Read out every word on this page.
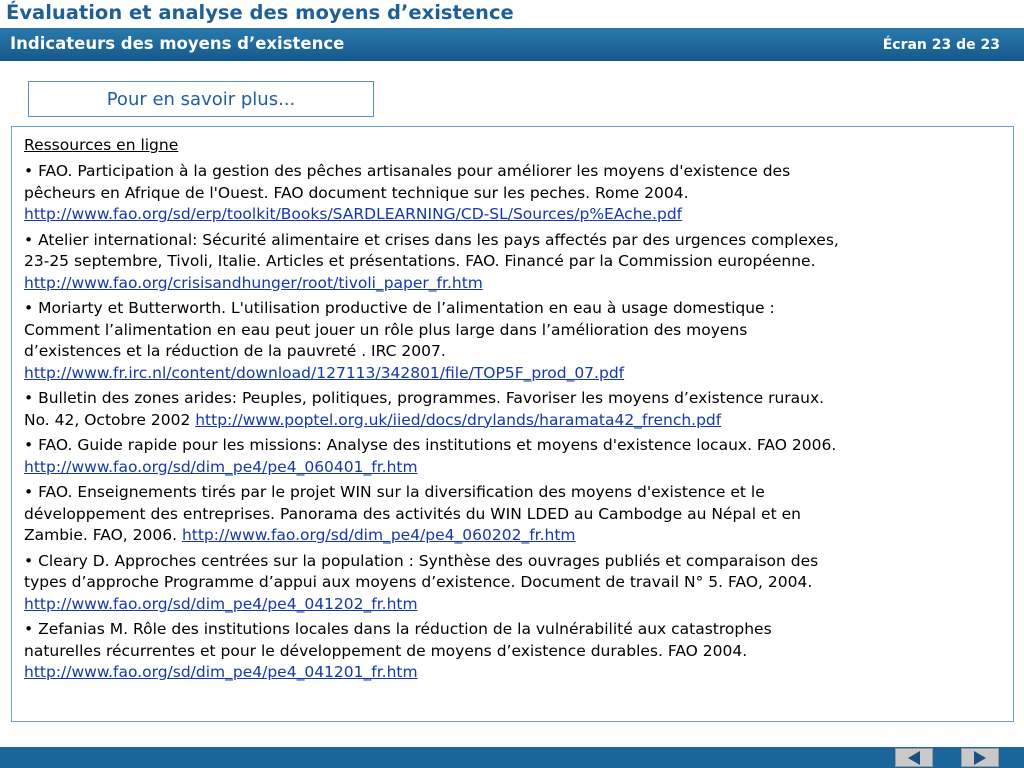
Évaluation et analyse des moyens d’existence
Indicateurs des moyens d’existence	Écran 23 de 23
Pour en savoir plus...
Ressources en ligne
• FAO. Participation à la gestion des pêches artisanales pour améliorer les moyens d'existence des
pêcheurs en Afrique de l'Ouest. FAO document technique sur les peches. Rome 2004.
http://www.fao.org/sd/erp/toolkit/Books/SARDLEARNING/CD-SL/Sources/p%EAche.pdf
• Atelier international: Sécurité alimentaire et crises dans les pays affectés par des urgences complexes,
23-25 septembre, Tivoli, Italie. Articles et présentations. FAO. Financé par la Commission européenne.
http://www.fao.org/crisisandhunger/root/tivoli_paper_fr.htm
• Moriarty et Butterworth. L'utilisation productive de l’alimentation en eau à usage domestique :
Comment l’alimentation en eau peut jouer un rôle plus large dans l’amélioration des moyens
d’existences et la réduction de la pauvreté . IRC 2007.
http://www.fr.irc.nl/content/download/127113/342801/file/TOP5F_prod_07.pdf
• Bulletin des zones arides: Peuples, politiques, programmes. Favoriser les moyens d’existence ruraux.
No. 42, Octobre 2002 http://www.poptel.org.uk/iied/docs/drylands/haramata42_french.pdf
• FAO. Guide rapide pour les missions: Analyse des institutions et moyens d'existence locaux. FAO 2006.
http://www.fao.org/sd/dim_pe4/pe4_060401_fr.htm
• FAO. Enseignements tirés par le projet WIN sur la diversification des moyens d'existence et le
développement des entreprises. Panorama des activités du WIN LDED au Cambodge au Népal et en
Zambie. FAO, 2006. http://www.fao.org/sd/dim_pe4/pe4_060202_fr.htm
• Cleary D. Approches centrées sur la population : Synthèse des ouvrages publiés et comparaison des
types d’approche Programme d’appui aux moyens d’existence. Document de travail N° 5. FAO, 2004.
http://www.fao.org/sd/dim_pe4/pe4_041202_fr.htm
• Zefanias M. Rôle des institutions locales dans la réduction de la vulnérabilité aux catastrophes
naturelles récurrentes et pour le développement de moyens d’existence durables. FAO 2004.
http://www.fao.org/sd/dim_pe4/pe4_041201_fr.htm
